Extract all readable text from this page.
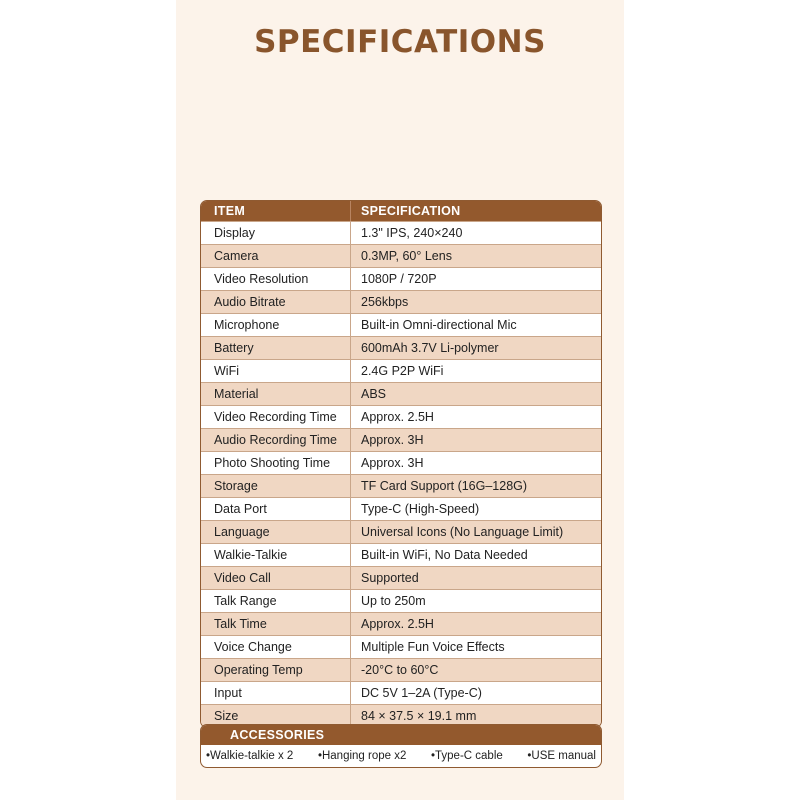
SPECIFICATIONS
ITEM	SPECIFICATION
Display	1.3" IPS, 240×240
Camera	0.3MP, 60° Lens
Video Resolution	1080P / 720P
Audio Bitrate	256kbps
Microphone	Built-in Omni-directional Mic
Battery	600mAh 3.7V Li-polymer
WiFi	2.4G P2P WiFi
Material	ABS
Video Recording Time	Approx. 2.5H
Audio Recording Time	Approx. 3H
Photo Shooting Time	Approx. 3H
Storage	TF Card Support (16G–128G)
Data Port	Type-C (High-Speed)
Language	Universal Icons (No Language Limit)
Walkie-Talkie	Built-in WiFi, No Data Needed
Video Call	Supported
Talk Range	Up to 250m
Talk Time	Approx. 2.5H
Voice Change	Multiple Fun Voice Effects
Operating Temp	-20°C to 60°C
Input	DC 5V 1–2A (Type-C)
Size	84 × 37.5 × 19.1 mm
ACCESSORIES
•Walkie-talkie x 2 •Hanging rope x2 •Type-C cable •USE manual
